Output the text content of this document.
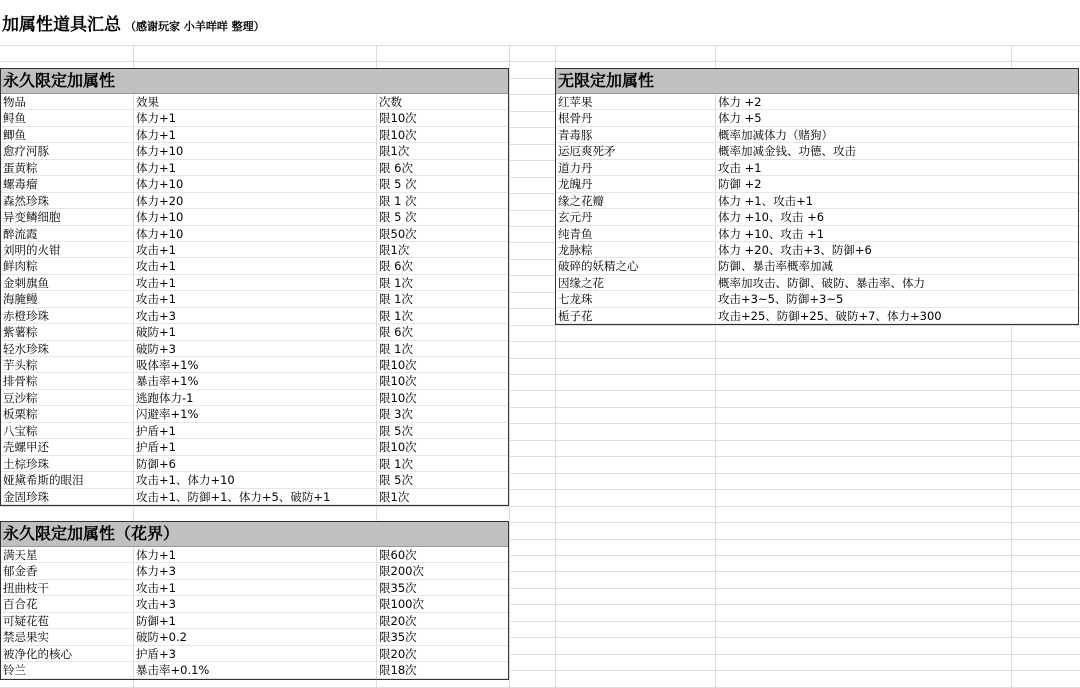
加属性道具汇总 （感谢玩家 小羊咩咩 整理）
永久限定加属性
物品	效果	次数
鲟鱼	体力+1	限10次
鲫鱼	体力+1	限10次
愈疗河豚	体力+10	限1次
蛋黄粽	体力+1	限 6次
螺毒瘤	体力+10	限 5 次
森然珍珠	体力+20	限 1 次
异变鳞细胞	体力+10	限 5 次
醉流霞	体力+10	限50次
刘明的火钳	攻击+1	限1次
鲜肉粽	攻击+1	限 6次
金刺旗鱼	攻击+1	限 1次
海腌鳗	攻击+1	限 1次
赤橙珍珠	攻击+3	限 1次
紫薯粽	破防+1	限 6次
轻水珍珠	破防+3	限 1次
芋头粽	吸体率+1%	限10次
排骨粽	暴击率+1%	限10次
豆沙粽	逃跑体力-1	限10次
板栗粽	闪避率+1%	限 3次
八宝粽	护盾+1	限 5次
壳螺甲还	护盾+1	限10次
土棕珍珠	防御+6	限 1次
娅黛希斯的眼泪	攻击+1、体力+10	限 5次
金固珍珠	攻击+1、防御+1、体力+5、破防+1	限1次
永久限定加属性（花界）
满天星	体力+1	限60次
郁金香	体力+3	限200次
扭曲枝干	攻击+1	限35次
百合花	攻击+3	限100次
可疑花苞	防御+1	限20次
禁忌果实	破防+0.2	限35次
被净化的核心	护盾+3	限20次
铃兰	暴击率+0.1%	限18次
无限定加属性
红苹果	体力 +2
根骨丹	体力 +5
青毒豚	概率加减体力（赌狗）
运厄爽死矛	概率加减金钱、功德、攻击
道力丹	攻击 +1
龙魄丹	防御 +2
缘之花瓣	体力 +1、攻击+1
玄元丹	体力 +10、攻击 +6
纯青鱼	体力 +10、攻击 +1
龙脉粽	体力 +20、攻击+3、防御+6
破碎的妖精之心	防御、暴击率概率加减
因缘之花	概率加攻击、防御、破防、暴击率、体力
七龙珠	攻击+3~5、防御+3~5
栀子花	攻击+25、防御+25、破防+7、体力+300
